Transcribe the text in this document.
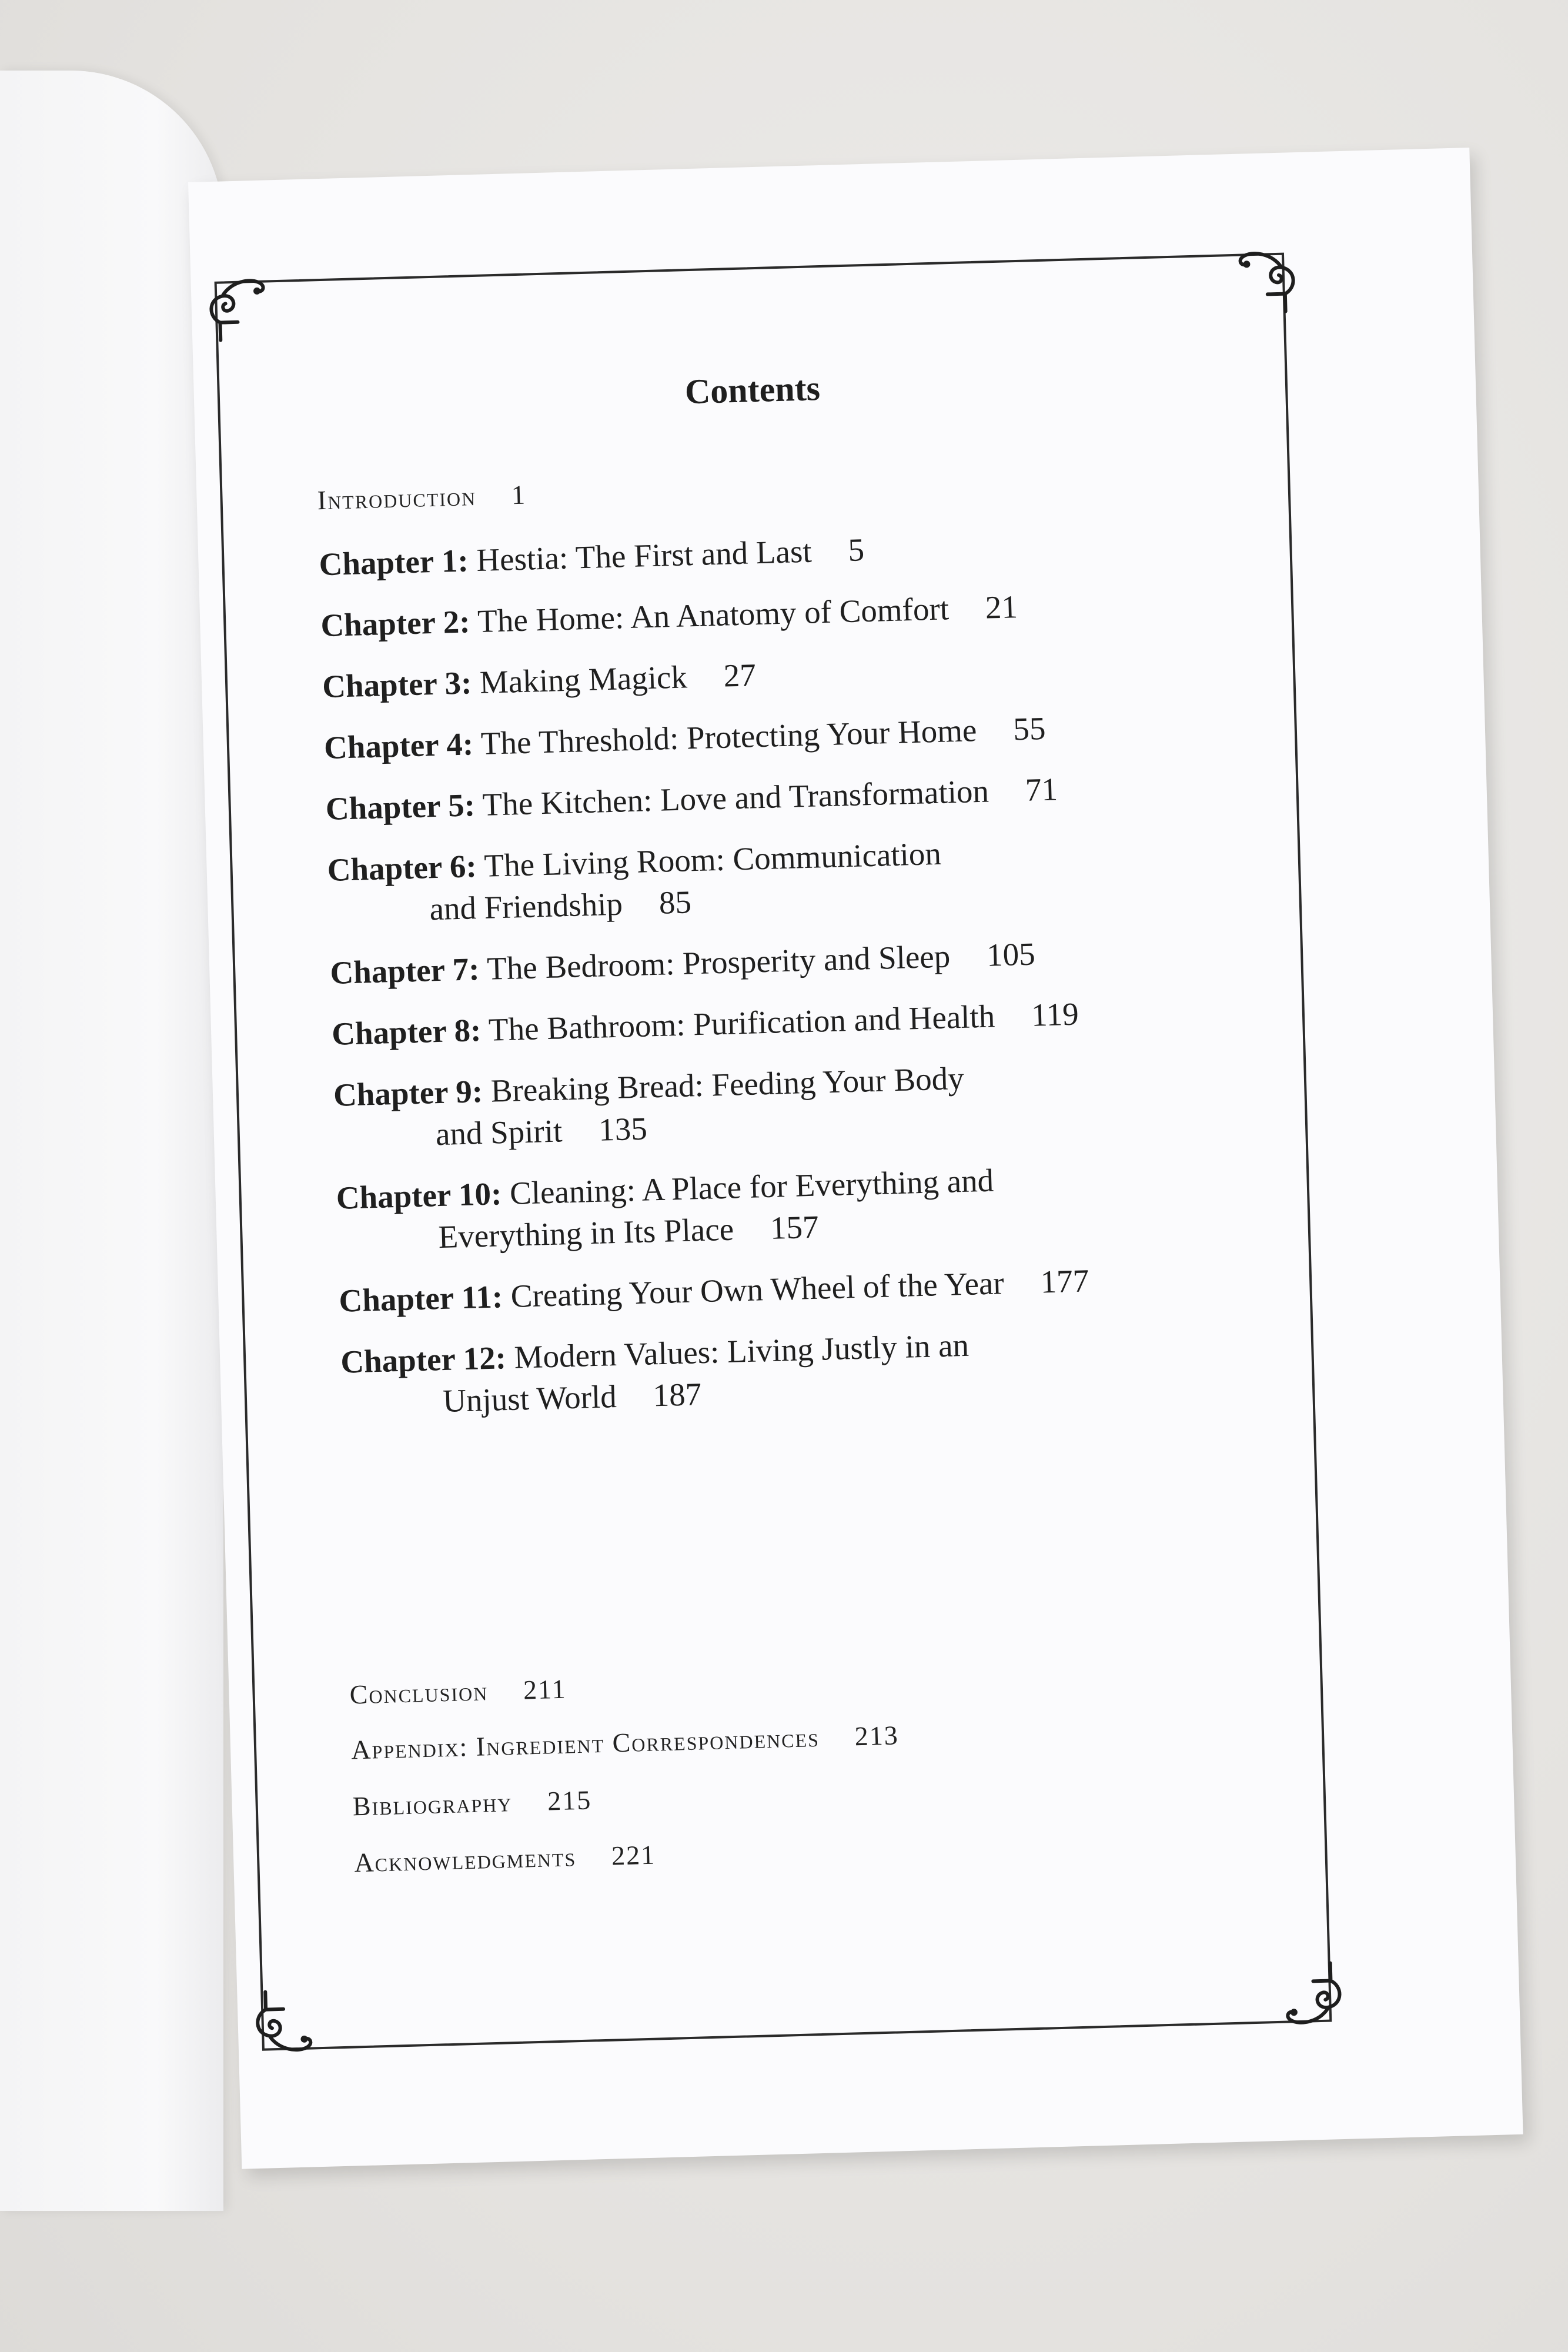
Contents
Introduction 1
Chapter 1: Hestia: The First and Last 5
Chapter 2: The Home: An Anatomy of Comfort 21
Chapter 3: Making Magick 27
Chapter 4: The Threshold: Protecting Your Home 55
Chapter 5: The Kitchen: Love and Transformation 71
Chapter 6: The Living Room: Communication
and Friendship 85
Chapter 7: The Bedroom: Prosperity and Sleep 105
Chapter 8: The Bathroom: Purification and Health 119
Chapter 9: Breaking Bread: Feeding Your Body
and Spirit 135
Chapter 10: Cleaning: A Place for Everything and
Everything in Its Place 157
Chapter 11: Creating Your Own Wheel of the Year 177
Chapter 12: Modern Values: Living Justly in an
Unjust World 187
Conclusion 211
Appendix: Ingredient Correspondences 213
Bibliography 215
Acknowledgments 221
